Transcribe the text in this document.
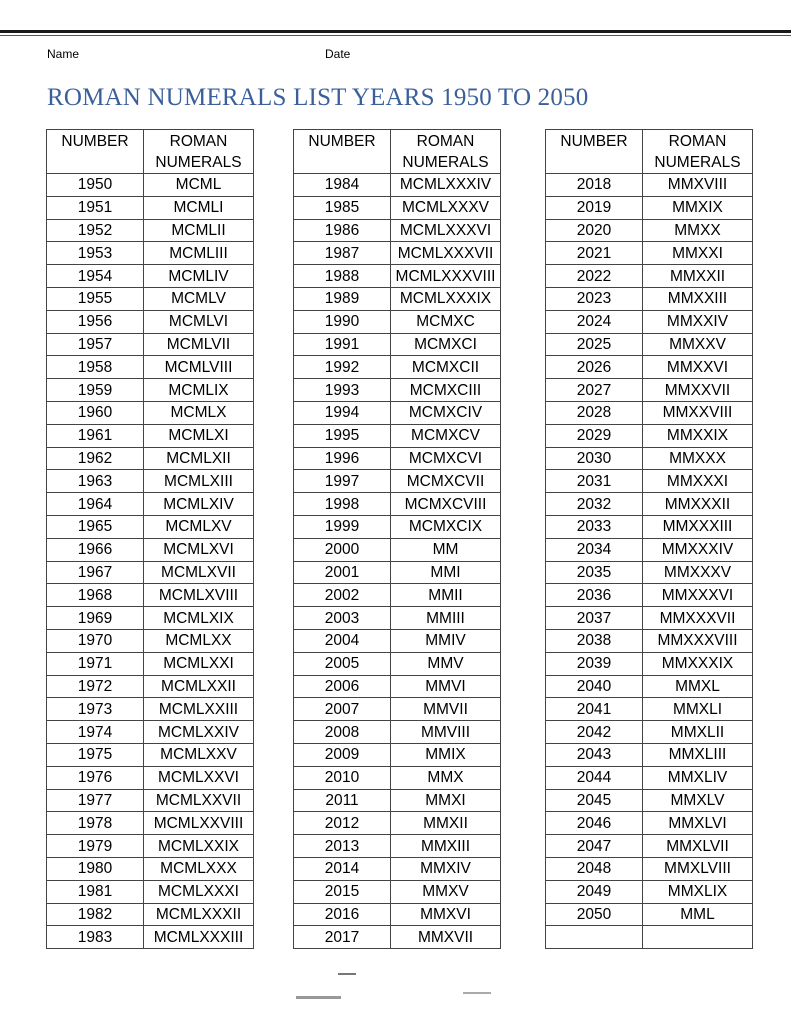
Name	Date
ROMAN NUMERALS LIST YEARS 1950 TO 2050
NUMBER	ROMAN NUMERALS
1950	MCML
1951	MCMLI
1952	MCMLII
1953	MCMLIII
1954	MCMLIV
1955	MCMLV
1956	MCMLVI
1957	MCMLVII
1958	MCMLVIII
1959	MCMLIX
1960	MCMLX
1961	MCMLXI
1962	MCMLXII
1963	MCMLXIII
1964	MCMLXIV
1965	MCMLXV
1966	MCMLXVI
1967	MCMLXVII
1968	MCMLXVIII
1969	MCMLXIX
1970	MCMLXX
1971	MCMLXXI
1972	MCMLXXII
1973	MCMLXXIII
1974	MCMLXXIV
1975	MCMLXXV
1976	MCMLXXVI
1977	MCMLXXVII
1978	MCMLXXVIII
1979	MCMLXXIX
1980	MCMLXXX
1981	MCMLXXXI
1982	MCMLXXXII
1983	MCMLXXXIII
NUMBER	ROMAN NUMERALS
1984	MCMLXXXIV
1985	MCMLXXXV
1986	MCMLXXXVI
1987	MCMLXXXVII
1988	MCMLXXXVIII
1989	MCMLXXXIX
1990	MCMXC
1991	MCMXCI
1992	MCMXCII
1993	MCMXCIII
1994	MCMXCIV
1995	MCMXCV
1996	MCMXCVI
1997	MCMXCVII
1998	MCMXCVIII
1999	MCMXCIX
2000	MM
2001	MMI
2002	MMII
2003	MMIII
2004	MMIV
2005	MMV
2006	MMVI
2007	MMVII
2008	MMVIII
2009	MMIX
2010	MMX
2011	MMXI
2012	MMXII
2013	MMXIII
2014	MMXIV
2015	MMXV
2016	MMXVI
2017	MMXVII
NUMBER	ROMAN NUMERALS
2018	MMXVIII
2019	MMXIX
2020	MMXX
2021	MMXXI
2022	MMXXII
2023	MMXXIII
2024	MMXXIV
2025	MMXXV
2026	MMXXVI
2027	MMXXVII
2028	MMXXVIII
2029	MMXXIX
2030	MMXXX
2031	MMXXXI
2032	MMXXXII
2033	MMXXXIII
2034	MMXXXIV
2035	MMXXXV
2036	MMXXXVI
2037	MMXXXVII
2038	MMXXXVIII
2039	MMXXXIX
2040	MMXL
2041	MMXLI
2042	MMXLII
2043	MMXLIII
2044	MMXLIV
2045	MMXLV
2046	MMXLVI
2047	MMXLVII
2048	MMXLVIII
2049	MMXLIX
2050	MML
